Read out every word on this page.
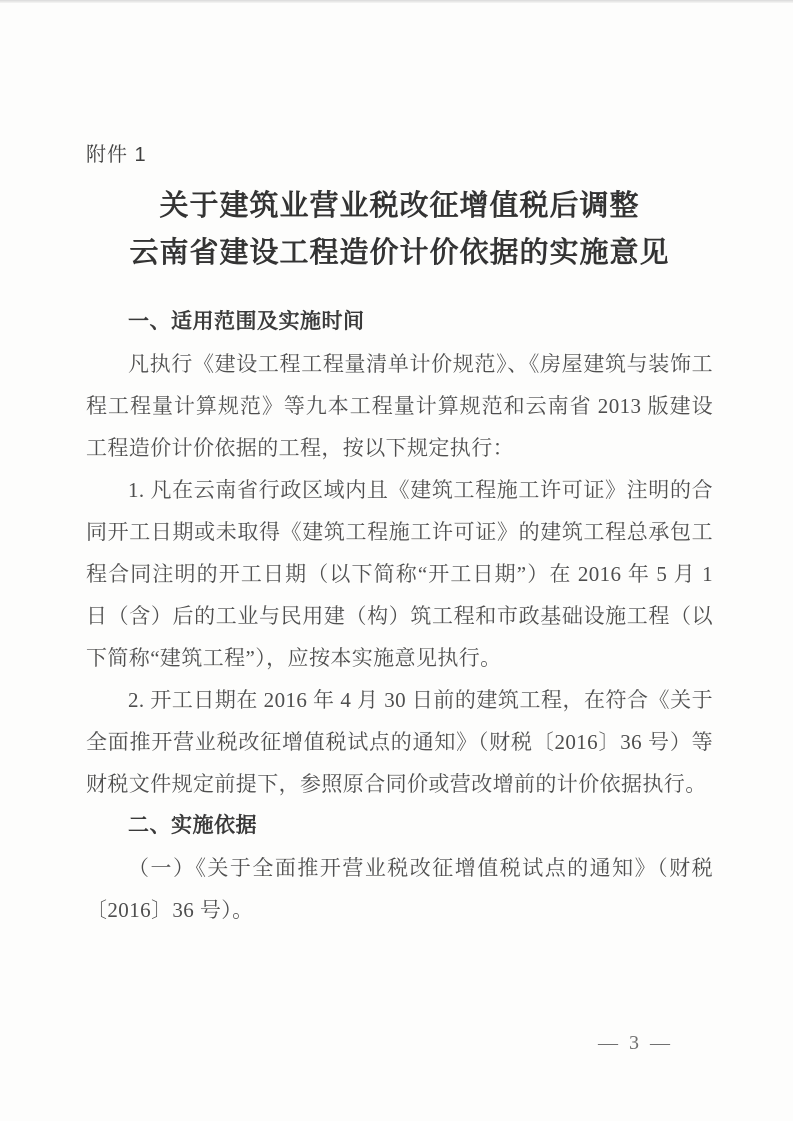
附件 1
关于建筑业营业税改征增值税后调整
云南省建设工程造价计价依据的实施意见
一、适用范围及实施时间

凡执行《建设工程工程量清单计价规范》、《房屋建筑与装饰工程工程量计算规范》等九本工程量计算规范和云南省 2013 版建设工程造价计价依据的工程，按以下规定执行：

1. 凡在云南省行政区域内且《建筑工程施工许可证》注明的合同开工日期或未取得《建筑工程施工许可证》的建筑工程总承包工程合同注明的开工日期（以下简称“开工日期”）在 2016 年 5 月 1 日（含）后的工业与民用建（构）筑工程和市政基础设施工程（以下简称“建筑工程”），应按本实施意见执行。

2. 开工日期在 2016 年 4 月 30 日前的建筑工程，在符合《关于全面推开营业税改征增值税试点的通知》（财税〔2016〕36 号）等财税文件规定前提下，参照原合同价或营改增前的计价依据执行。

二、实施依据

（一）《关于全面推开营业税改征增值税试点的通知》（财税〔2016〕36 号）。

— 3 —
